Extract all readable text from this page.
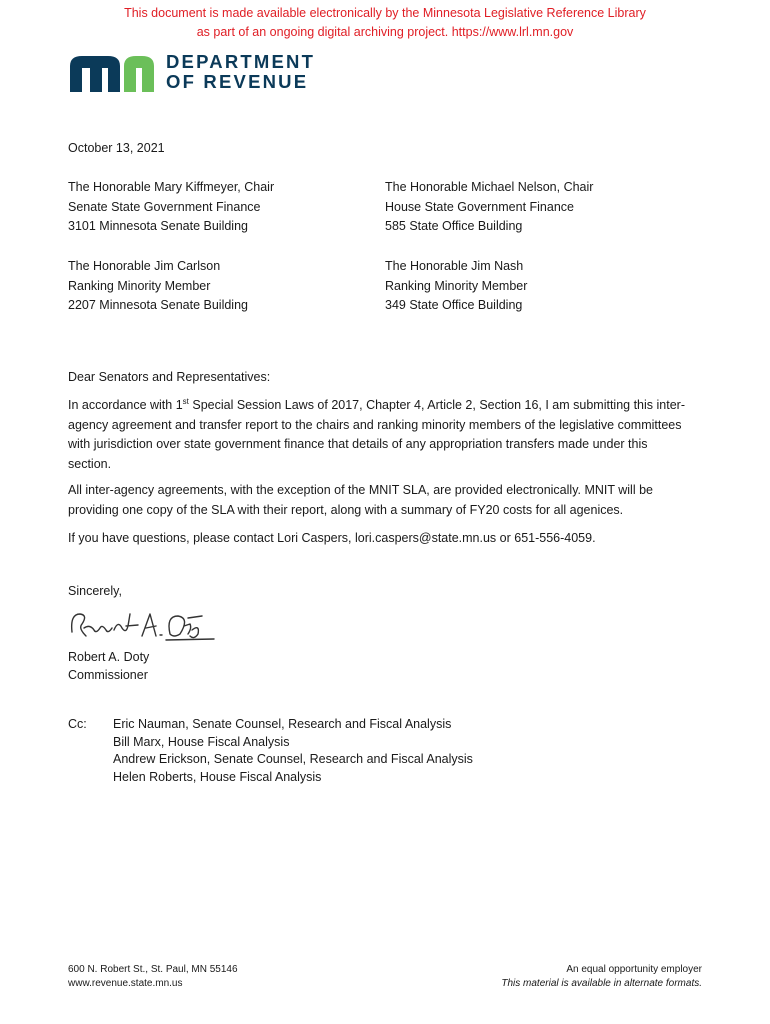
This document is made available electronically by the Minnesota Legislative Reference Library
as part of an ongoing digital archiving project. https://www.lrl.mn.gov
DEPARTMENT
OF REVENUE
October 13, 2021
The Honorable Mary Kiffmeyer, Chair
Senate State Government Finance
3101 Minnesota Senate Building
The Honorable Michael Nelson, Chair
House State Government Finance
585 State Office Building
The Honorable Jim Carlson
Ranking Minority Member
2207 Minnesota Senate Building
The Honorable Jim Nash
Ranking Minority Member
349 State Office Building
Dear Senators and Representatives:
In accordance with 1st Special Session Laws of 2017, Chapter 4, Article 2, Section 16, I am submitting this inter-agency agreement and transfer report to the chairs and ranking minority members of the legislative committees with jurisdiction over state government finance that details of any appropriation transfers made under this section.
All inter-agency agreements, with the exception of the MNIT SLA, are provided electronically. MNIT will be providing one copy of the SLA with their report, along with a summary of FY20 costs for all agenices.
If you have questions, please contact Lori Caspers, lori.caspers@state.mn.us or 651-556-4059.
Sincerely,
Robert A. Doty
Commissioner
Cc: Eric Nauman, Senate Counsel, Research and Fiscal Analysis
Bill Marx, House Fiscal Analysis
Andrew Erickson, Senate Counsel, Research and Fiscal Analysis
Helen Roberts, House Fiscal Analysis
600 N. Robert St., St. Paul, MN 55146
www.revenue.state.mn.us
An equal opportunity employer
This material is available in alternate formats.
